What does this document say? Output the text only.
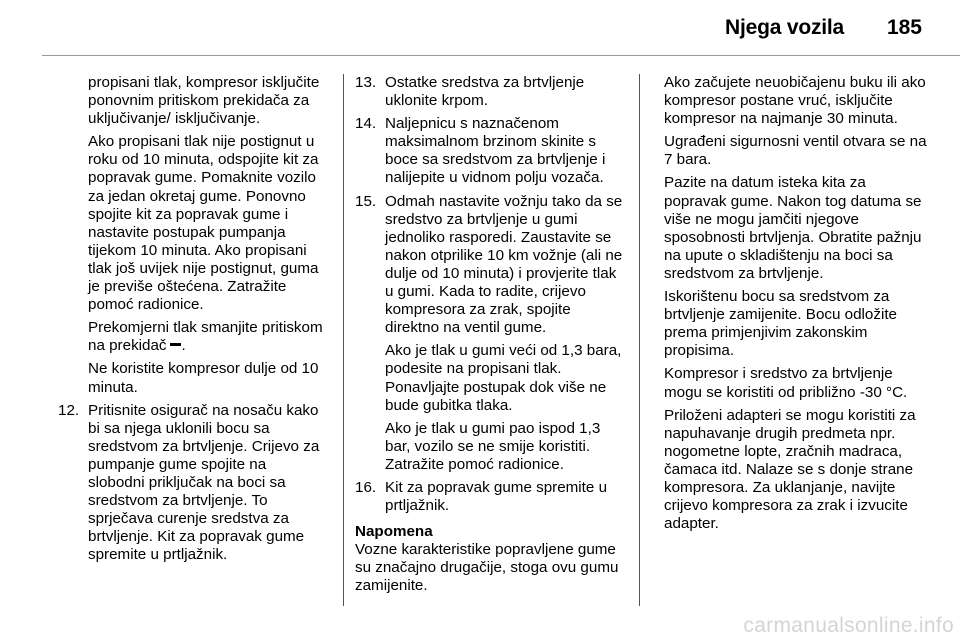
Njega vozila 185

propisani tlak, kompresor isključite ponovnim pritiskom prekidača za uključivanje/ isključivanje.

Ako propisani tlak nije postignut u roku od 10 minuta, odspojite kit za popravak gume. Pomaknite vozilo za jedan okretaj gume. Ponovno spojite kit za popravak gume i nastavite postupak pumpanja tijekom 10 minuta. Ako propisani tlak još uvijek nije postignut, guma je previše oštećena. Zatražite pomoć radionice.

Prekomjerni tlak smanjite pritiskom na prekidač .

Ne koristite kompresor dulje od 10 minuta.

12. Pritisnite osigurač na nosaču kako bi sa njega uklonili bocu sa sredstvom za brtvljenje. Crijevo za pumpanje gume spojite na slobodni priključak na boci sa sredstvom za brtvljenje. To sprječava curenje sredstva za brtvljenje. Kit za popravak gume spremite u prtljažnik.

13. Ostatke sredstva za brtvljenje uklonite krpom.

14. Naljepnicu s naznačenom maksimalnom brzinom skinite s boce sa sredstvom za brtvljenje i nalijepite u vidnom polju vozača.

15. Odmah nastavite vožnju tako da se sredstvo za brtvljenje u gumi jednoliko rasporedi. Zaustavite se nakon otprilike 10 km vožnje (ali ne dulje od 10 minuta) i provjerite tlak u gumi. Kada to radite, crijevo kompresora za zrak, spojite direktno na ventil gume.

Ako je tlak u gumi veći od 1,3 bara, podesite na propisani tlak. Ponavljajte postupak dok više ne bude gubitka tlaka.

Ako je tlak u gumi pao ispod 1,3 bar, vozilo se ne smije koristiti. Zatražite pomoć radionice.

16. Kit za popravak gume spremite u prtljažnik.

Napomena

Vozne karakteristike popravljene gume su značajno drugačije, stoga ovu gumu zamijenite.

Ako začujete neuobičajenu buku ili ako kompresor postane vruć, isključite kompresor na najmanje 30 minuta.

Ugrađeni sigurnosni ventil otvara se na 7 bara.

Pazite na datum isteka kita za popravak gume. Nakon tog datuma se više ne mogu jamčiti njegove sposobnosti brtvljenja. Obratite pažnju na upute o skladištenju na boci sa sredstvom za brtvljenje.

Iskorištenu bocu sa sredstvom za brtvljenje zamijenite. Bocu odložite prema primjenjivim zakonskim propisima.

Kompresor i sredstvo za brtvljenje mogu se koristiti od približno -30 °C.

Priloženi adapteri se mogu koristiti za napuhavanje drugih predmeta npr. nogometne lopte, zračnih madraca, čamaca itd. Nalaze se s donje strane kompresora. Za uklanjanje, navijte crijevo kompresora za zrak i izvucite adapter.

carmanualsonline.info
